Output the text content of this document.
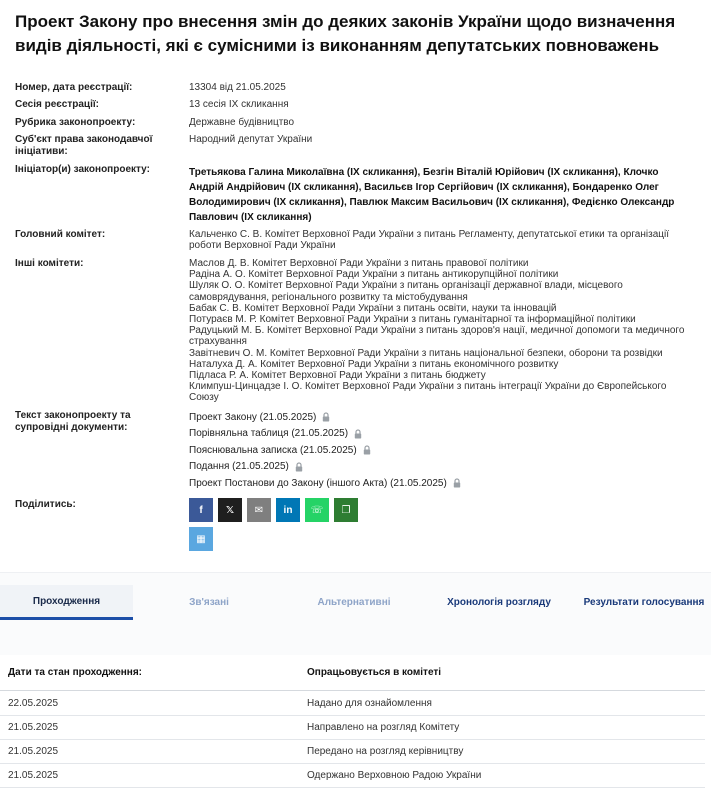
Проект Закону про внесення змін до деяких законів України щодо визначення видів діяльності, які є сумісними із виконанням депутатських повноважень
Номер, дата реєстрації:	13304 від 21.05.2025
Сесія реєстрації:	13 сесія IX скликання
Рубрика законопроекту:	Державне будівництво
Суб'єкт права законодавчої ініціативи:
Народний депутат України
Ініціатор(и) законопроекту:	Третьякова Галина Миколаївна (IX скликання), Безгін Віталій Юрійович (IX скликання), Клочко Андрій Андрійович (IX скликання), Васильєв Ігор Сергійович (IX скликання), Бондаренко Олег Володимирович (IX скликання), Павлюк Максим Васильович (IX скликання), Федієнко Олександр Павлович (IX скликання)
Головний комітет:	Кальченко С. В. Комітет Верховної Ради України з питань Регламенту, депутатської етики та організації роботи Верховної Ради України
Інші комітети:	Маслов Д. В. Комітет Верховної Ради України з питань правової політики
Радіна А. О. Комітет Верховної Ради України з питань антикорупційної політики
Шуляк О. О. Комітет Верховної Ради України з питань організації державної влади, місцевого самоврядування, регіонального розвитку та містобудування
Бабак С. В. Комітет Верховної Ради України з питань освіти, науки та інновацій
Потураєв М. Р. Комітет Верховної Ради України з питань гуманітарної та інформаційної політики
Радуцький М. Б. Комітет Верховної Ради України з питань здоров'я нації, медичної допомоги та медичного страхування
Завітневич О. М. Комітет Верховної Ради України з питань національної безпеки, оборони та розвідки
Наталуха Д. А. Комітет Верховної Ради України з питань економічного розвитку
Підласа Р. А. Комітет Верховної Ради України з питань бюджету
Климпуш-Цинцадзе І. О. Комітет Верховної Ради України з питань інтеграції України до Європейського Союзу
Текст законопроекту та супровідні документи:
Проект Закону (21.05.2025)
Порівняльна таблиця (21.05.2025)
Пояснювальна записка (21.05.2025)
Подання (21.05.2025)
Проект Постанови до Закону (іншого Акта) (21.05.2025)
Поділитись:	f 𝕏 ✉ in ☏ ❐
▦
Проходження	Зв'язані	Альтернативні	Хронологія розгляду	Результати голосування
Дати та стан проходження:	Опрацьовується в комітеті
22.05.2025	Надано для ознайомлення
21.05.2025	Направлено на розгляд Комітету
21.05.2025	Передано на розгляд керівництву
21.05.2025	Одержано Верховною Радою України
